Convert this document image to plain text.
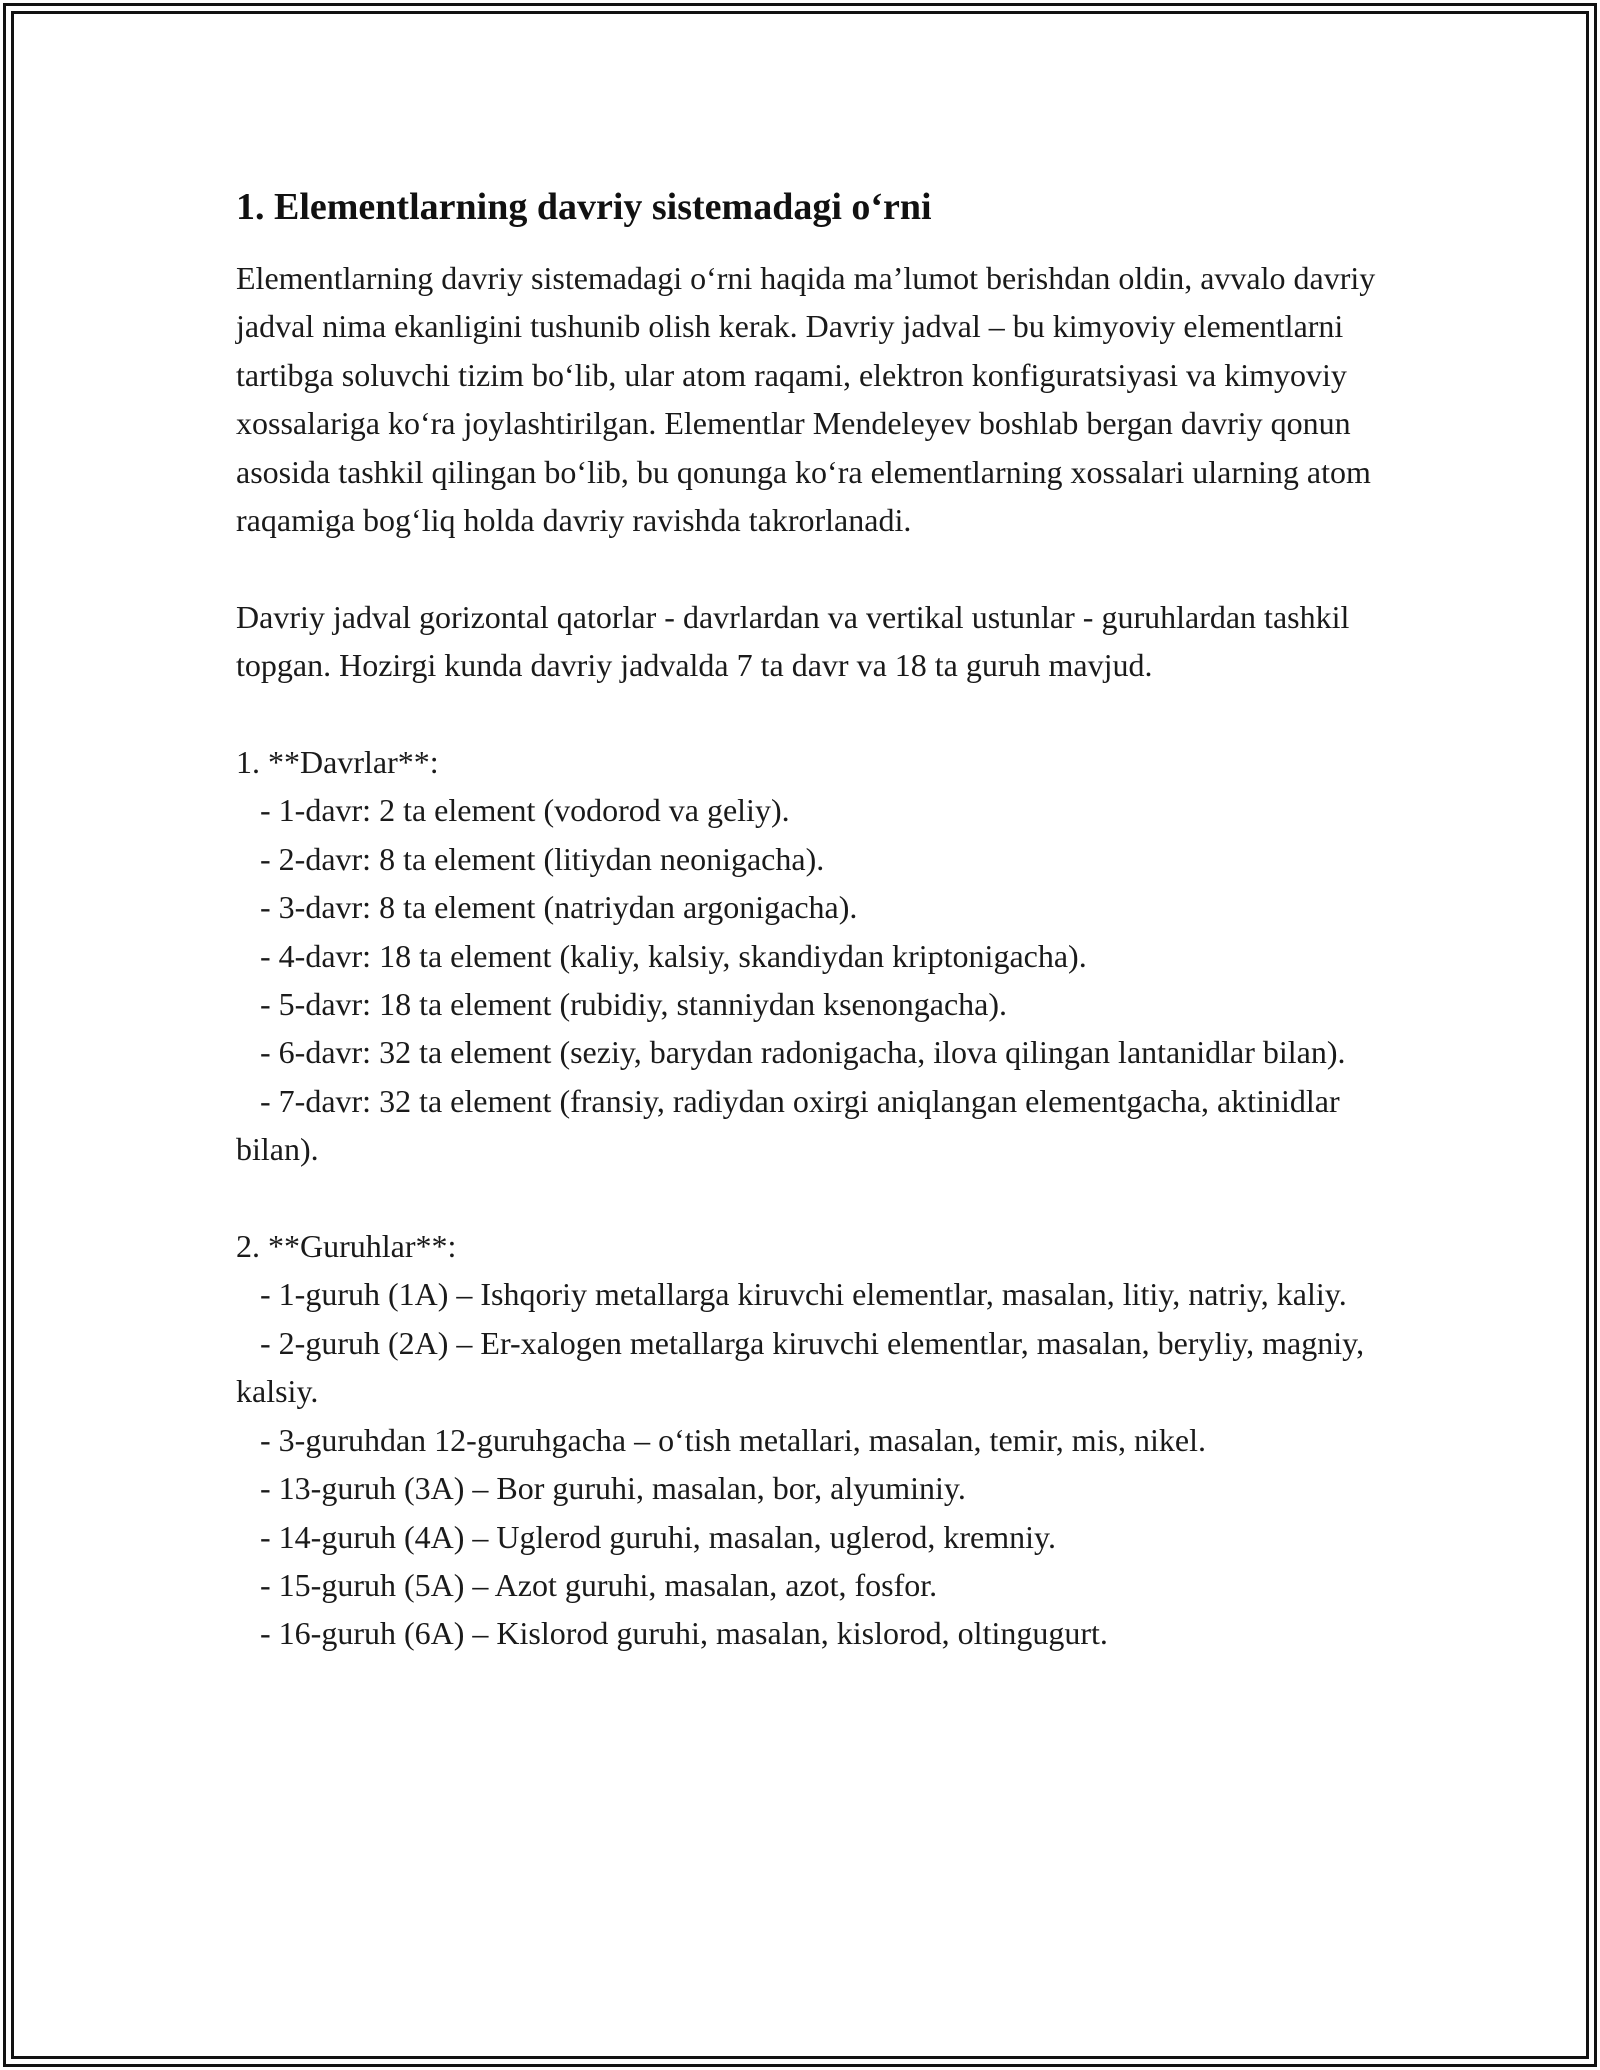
1. Elementlarning davriy sistemadagi o‘rni

Elementlarning davriy sistemadagi o‘rni haqida ma’lumot berishdan oldin, avvalo davriy jadval nima ekanligini tushunib olish kerak. Davriy jadval – bu kimyoviy elementlarni tartibga soluvchi tizim bo‘lib, ular atom raqami, elektron konfiguratsiyasi va kimyoviy xossalariga ko‘ra joylashtirilgan. Elementlar Mendeleyev boshlab bergan davriy qonun asosida tashkil qilingan bo‘lib, bu qonunga ko‘ra elementlarning xossalari ularning atom raqamiga bog‘liq holda davriy ravishda takrorlanadi.

Davriy jadval gorizontal qatorlar - davrlardan va vertikal ustunlar - guruhlardan tashkil topgan. Hozirgi kunda davriy jadvalda 7 ta davr va 18 ta guruh mavjud.

1. **Davrlar**:

- 1-davr: 2 ta element (vodorod va geliy).

- 2-davr: 8 ta element (litiydan neonigacha).

- 3-davr: 8 ta element (natriydan argonigacha).

- 4-davr: 18 ta element (kaliy, kalsiy, skandiydan kriptonigacha).

- 5-davr: 18 ta element (rubidiy, stanniydan ksenongacha).

- 6-davr: 32 ta element (seziy, barydan radonigacha, ilova qilingan lantanidlar bilan).

- 7-davr: 32 ta element (fransiy, radiydan oxirgi aniqlangan elementgacha, aktinidlar bilan).

2. **Guruhlar**:

- 1-guruh (1A) – Ishqoriy metallarga kiruvchi elementlar, masalan, litiy, natriy, kaliy.

- 2-guruh (2A) – Er-xalogen metallarga kiruvchi elementlar, masalan, beryliy, magniy, kalsiy.

- 3-guruhdan 12-guruhgacha – o‘tish metallari, masalan, temir, mis, nikel.

- 13-guruh (3A) – Bor guruhi, masalan, bor, alyuminiy.

- 14-guruh (4A) – Uglerod guruhi, masalan, uglerod, kremniy.

- 15-guruh (5A) – Azot guruhi, masalan, azot, fosfor.

- 16-guruh (6A) – Kislorod guruhi, masalan, kislorod, oltingugurt.
